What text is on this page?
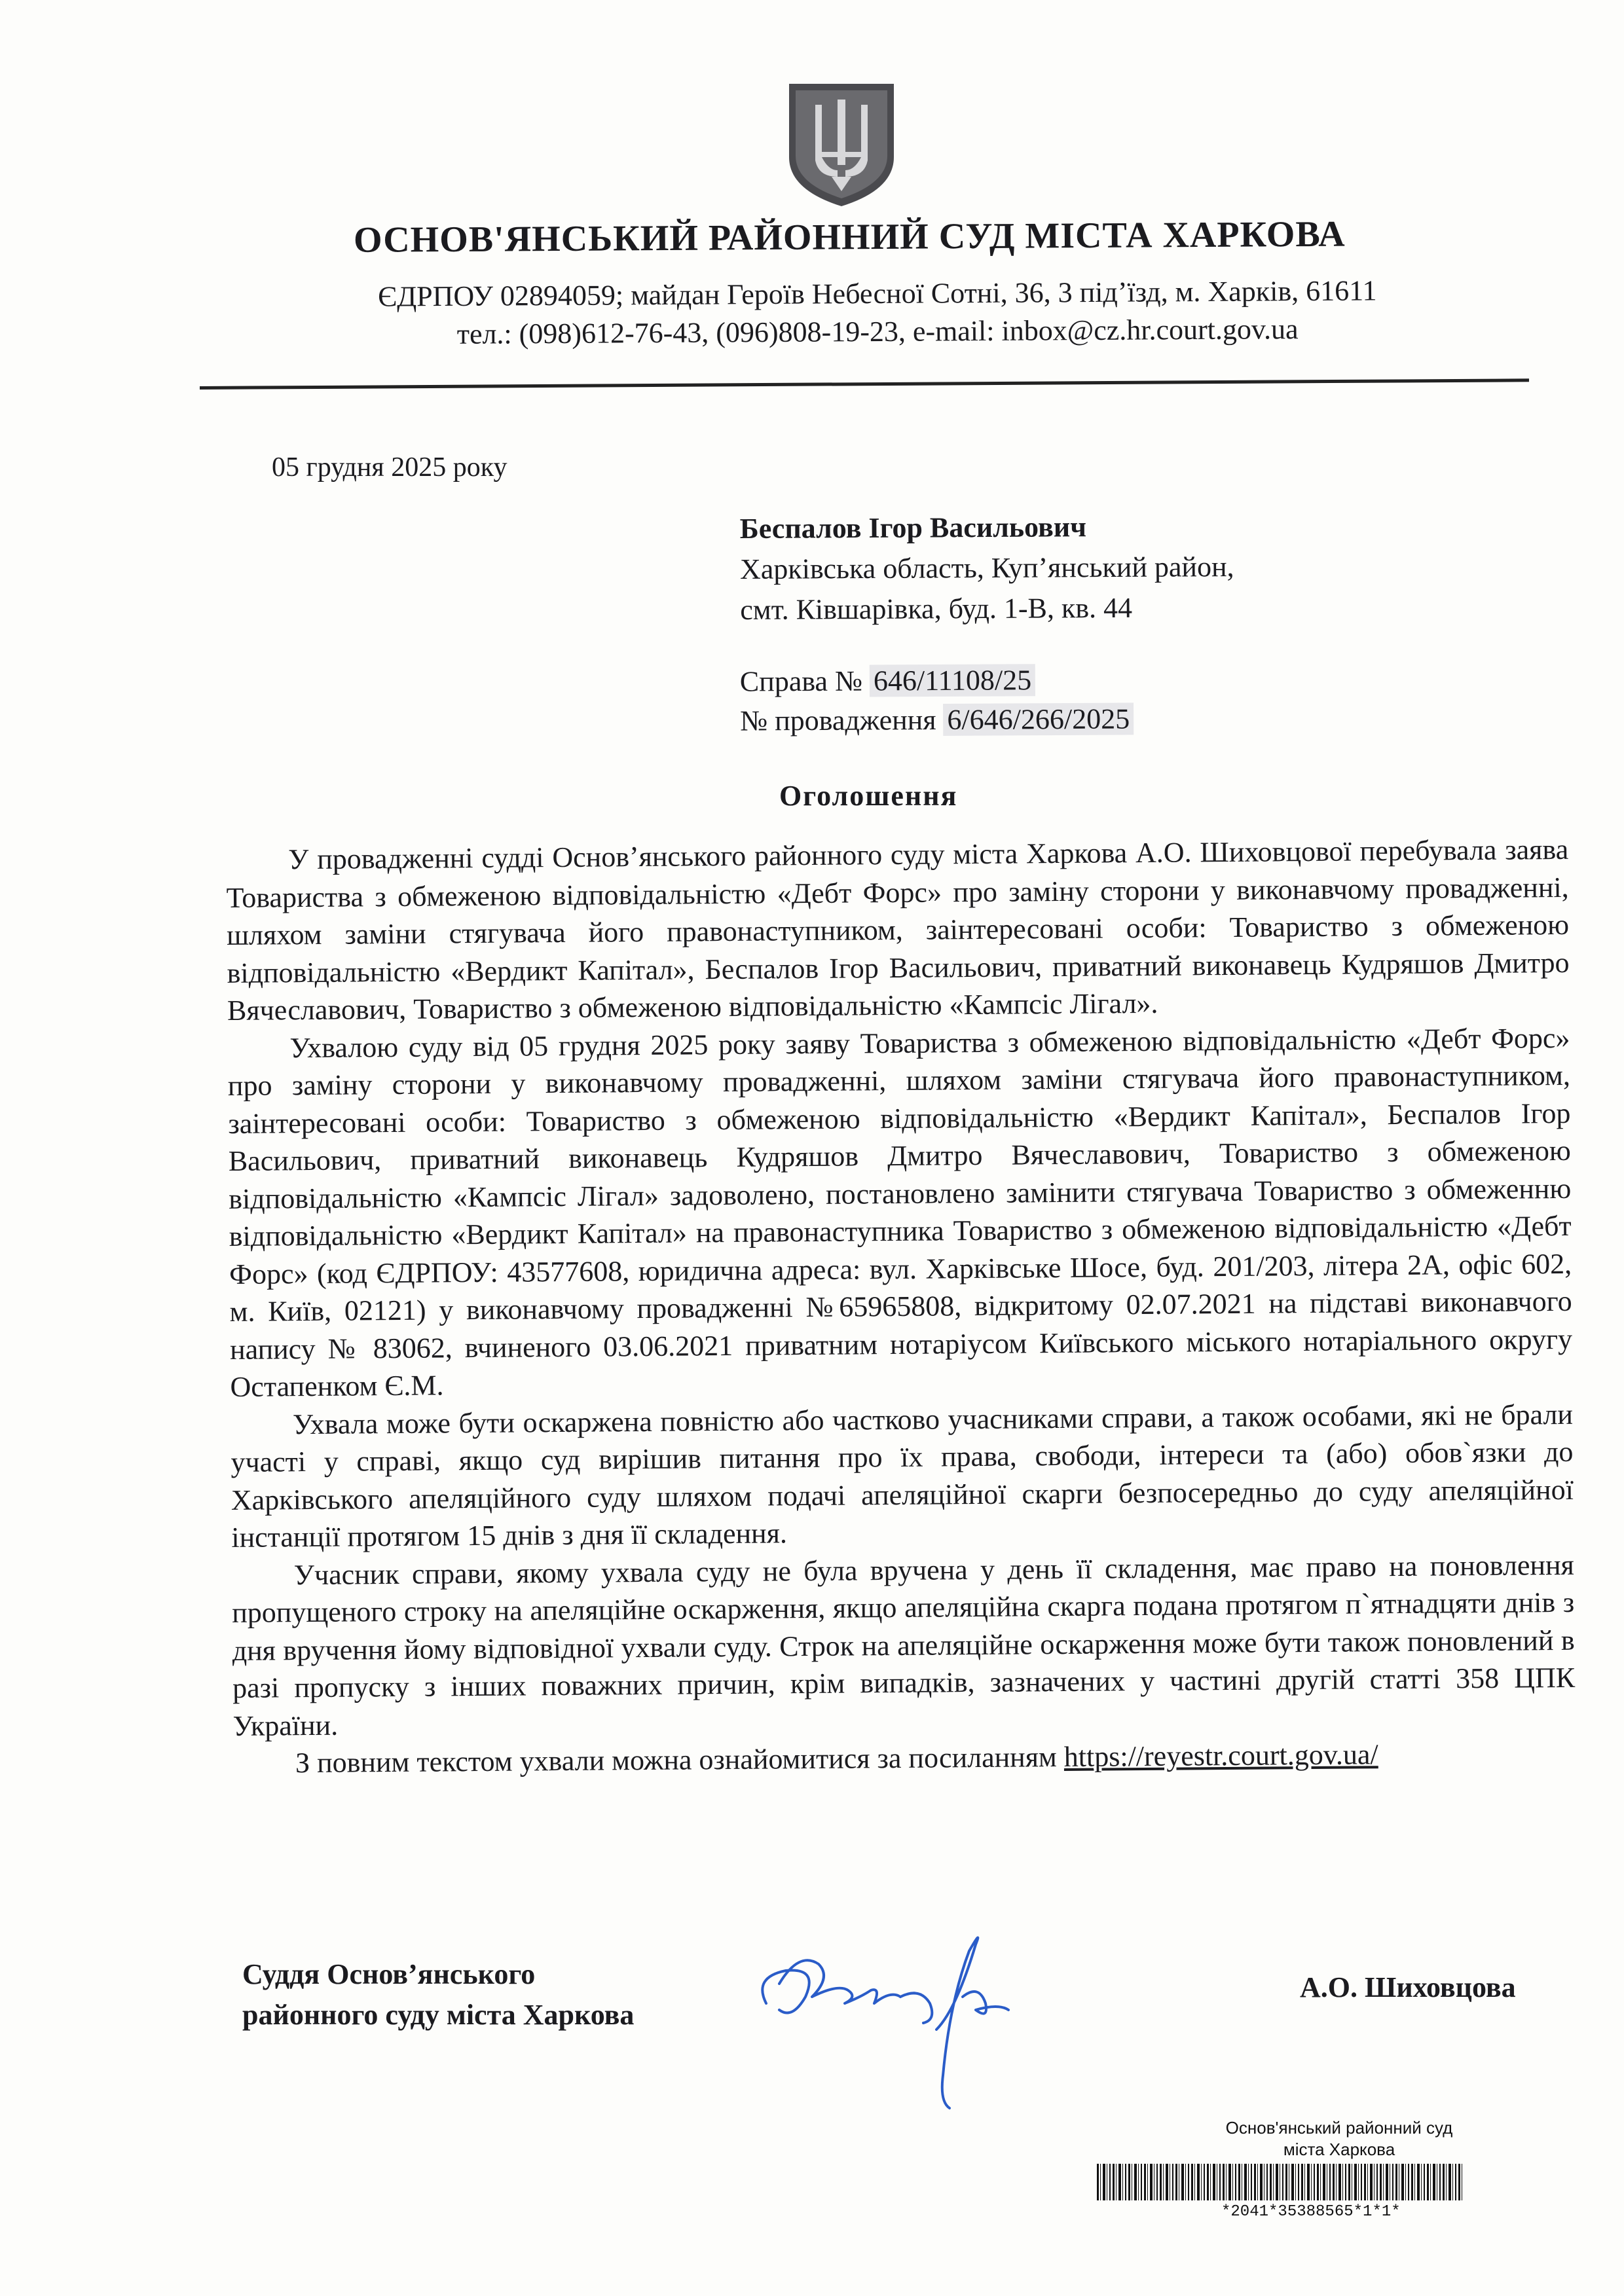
ОСНОВ'ЯНСЬКИЙ РАЙОННИЙ СУД МІСТА ХАРКОВА
ЄДРПОУ 02894059; майдан Героїв Небесної Сотні, 36, 3 під’їзд, м. Харків, 61611
тел.: (098)612-76-43, (096)808-19-23, e-mail: inbox@cz.hr.court.gov.ua
05 грудня 2025 року
Беспалов Ігор Васильович
Харківська область, Куп’янський район,
смт. Ківшарівка, буд. 1-В, кв. 44
Справа № 646/11108/25
№ провадження 6/646/266/2025
Оголошення

У провадженні судді Основ’янського районного суду міста Харкова А.О. Шиховцової перебувала заява Товариства з обмеженою відповідальністю «Дебт Форс» про заміну сторони у виконавчому провадженні, шляхом заміни стягувача його правонаступником, заінтересовані особи: Товариство з обмеженою відповідальністю «Вердикт Капітал», Беспалов Ігор Васильович, приватний виконавець Кудряшов Дмитро Вячеславович, Товариство з обмеженою відповідальністю «Кампсіс Лігал».

Ухвалою суду від 05 грудня 2025 року заяву Товариства з обмеженою відповідальністю «Дебт Форс» про заміну сторони у виконавчому провадженні, шляхом заміни стягувача його правонаступником, заінтересовані особи: Товариство з обмеженою відповідальністю «Вердикт Капітал», Беспалов Ігор Васильович, приватний виконавець Кудряшов Дмитро Вячеславович, Товариство з обмеженою відповідальністю «Кампсіс Лігал» задоволено, постановлено замінити стягувача Товариство з обмеженню відповідальністю «Вердикт Капітал» на правонаступника Товариство з обмеженою відповідальністю «Дебт Форс» (код ЄДРПОУ: 43577608, юридична адреса: вул. Харківське Шосе, буд. 201/203, літера 2А, офіс 602, м. Київ, 02121) у виконавчому провадженні №65965808, відкритому 02.07.2021 на підставі виконавчого напису № 83062, вчиненого 03.06.2021 приватним нотаріусом Київського міського нотаріального округу Остапенком Є.М.

Ухвала може бути оскаржена повністю або частково учасниками справи, а також особами, які не брали участі у справі, якщо суд вирішив питання про їх права, свободи, інтереси та (або) обов`язки до Харківського апеляційного суду шляхом подачі апеляційної скарги безпосередньо до суду апеляційної інстанції протягом 15 днів з дня її складення.

Учасник справи, якому ухвала суду не була вручена у день її складення, має право на поновлення пропущеного строку на апеляційне оскарження, якщо апеляційна скарга подана протягом п`ятнадцяти днів з дня вручення йому відповідної ухвали суду. Строк на апеляційне оскарження може бути також поновлений в разі пропуску з інших поважних причин, крім випадків, зазначених у частині другій статті 358 ЦПК України.

З повним текстом ухвали можна ознайомитися за посиланням https://reyestr.court.gov.ua/

Суддя Основ’янського
районного суду міста Харкова
А.О. Шиховцова
Основ'янський районний суд
міста Харкова
*2041*35388565*1*1*
